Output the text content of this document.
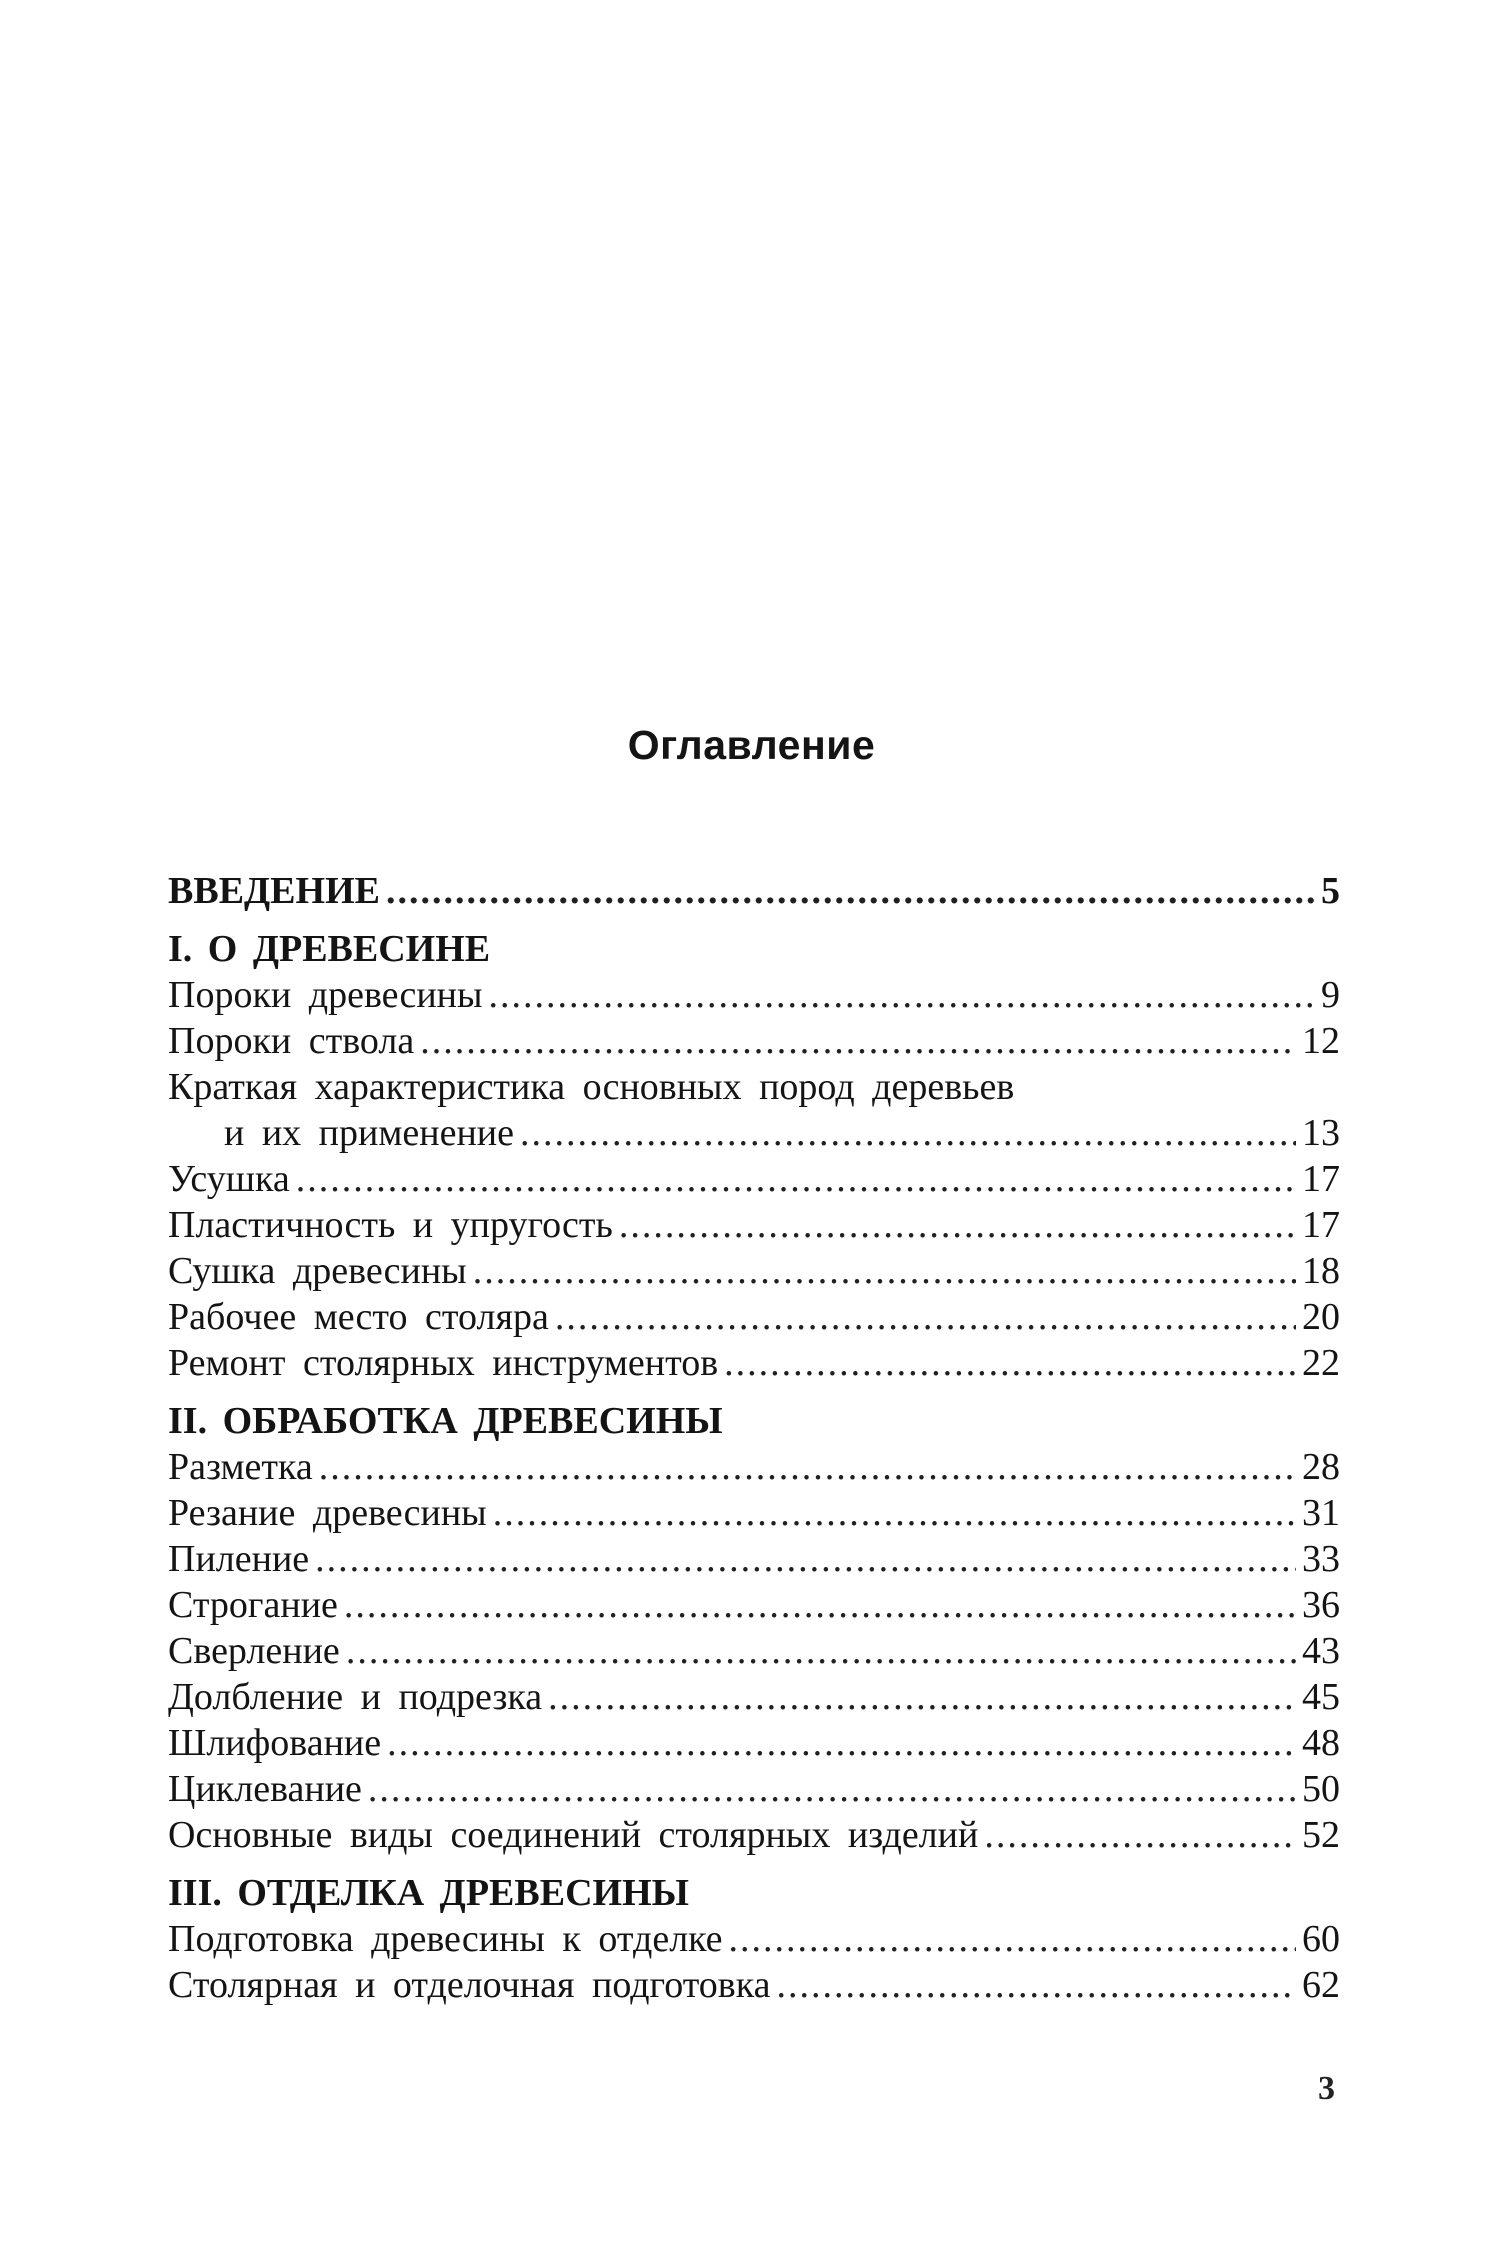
Оглавление
ВВЕДЕНИЕ .....	5
I. О ДРЕВЕСИНЕ
Пороки древесины .....	9
Пороки ствола .....	12
Краткая характеристика основных пород деревьев
и их применение .....	13
Усушка .....	17
Пластичность и упругость .....	17
Сушка древесины .....	18
Рабочее место столяра .....	20
Ремонт столярных инструментов .....	22
II. ОБРАБОТКА ДРЕВЕСИНЫ
Разметка .....	28
Резание древесины .....	31
Пиление .....	33
Строгание .....	36
Сверление .....	43
Долбление и подрезка .....	45
Шлифование .....	48
Циклевание .....	50
Основные виды соединений столярных изделий .....	52
III. ОТДЕЛКА ДРЕВЕСИНЫ
Подготовка древесины к отделке .....	60
Столярная и отделочная подготовка .....	62
3
